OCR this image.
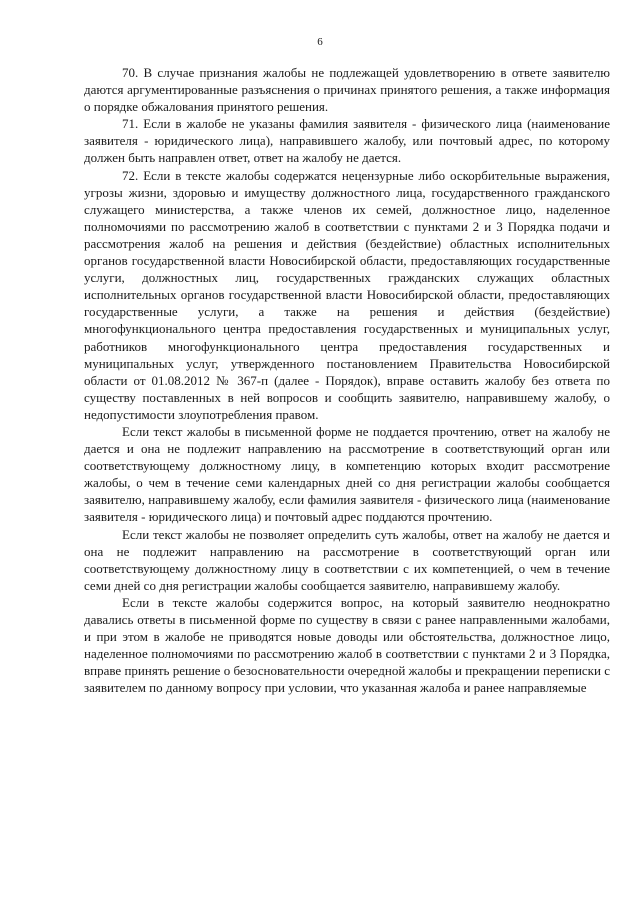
6

70. В случае признания жалобы не подлежащей удовлетворению в ответе заявителю даются аргументированные разъяснения о причинах принятого решения, а также информация о порядке обжалования принятого решения.

71. Если в жалобе не указаны фамилия заявителя - физического лица (наименование заявителя - юридического лица), направившего жалобу, или почтовый адрес, по которому должен быть направлен ответ, ответ на жалобу не дается.

72. Если в тексте жалобы содержатся нецензурные либо оскорбительные выражения, угрозы жизни, здоровью и имуществу должностного лица, государственного гражданского служащего министерства, а также членов их семей, должностное лицо, наделенное полномочиями по рассмотрению жалоб в соответствии с пунктами 2 и 3 Порядка подачи и рассмотрения жалоб на решения и действия (бездействие) областных исполнительных органов государственной власти Новосибирской области, предоставляющих государственные услуги, должностных лиц, государственных гражданских служащих областных исполнительных органов государственной власти Новосибирской области, предоставляющих государственные услуги, а также на решения и действия (бездействие) многофункционального центра предоставления государственных и муниципальных услуг, работников многофункционального центра предоставления государственных и муниципальных услуг, утвержденного постановлением Правительства Новосибирской области от 01.08.2012 № 367-п (далее - Порядок), вправе оставить жалобу без ответа по существу поставленных в ней вопросов и сообщить заявителю, направившему жалобу, о недопустимости злоупотребления правом.

Если текст жалобы в письменной форме не поддается прочтению, ответ на жалобу не дается и она не подлежит направлению на рассмотрение в соответствующий орган или соответствующему должностному лицу, в компетенцию которых входит рассмотрение жалобы, о чем в течение семи календарных дней со дня регистрации жалобы сообщается заявителю, направившему жалобу, если фамилия заявителя - физического лица (наименование заявителя - юридического лица) и почтовый адрес поддаются прочтению.

Если текст жалобы не позволяет определить суть жалобы, ответ на жалобу не дается и она не подлежит направлению на рассмотрение в соответствующий орган или соответствующему должностному лицу в соответствии с их компетенцией, о чем в течение семи дней со дня регистрации жалобы сообщается заявителю, направившему жалобу.

Если в тексте жалобы содержится вопрос, на который заявителю неоднократно давались ответы в письменной форме по существу в связи с ранее направленными жалобами, и при этом в жалобе не приводятся новые доводы или обстоятельства, должностное лицо, наделенное полномочиями по рассмотрению жалоб в соответствии с пунктами 2 и 3 Порядка, вправе принять решение о безосновательности очередной жалобы и прекращении переписки с заявителем по данному вопросу при условии, что указанная жалоба и ранее направляемые
